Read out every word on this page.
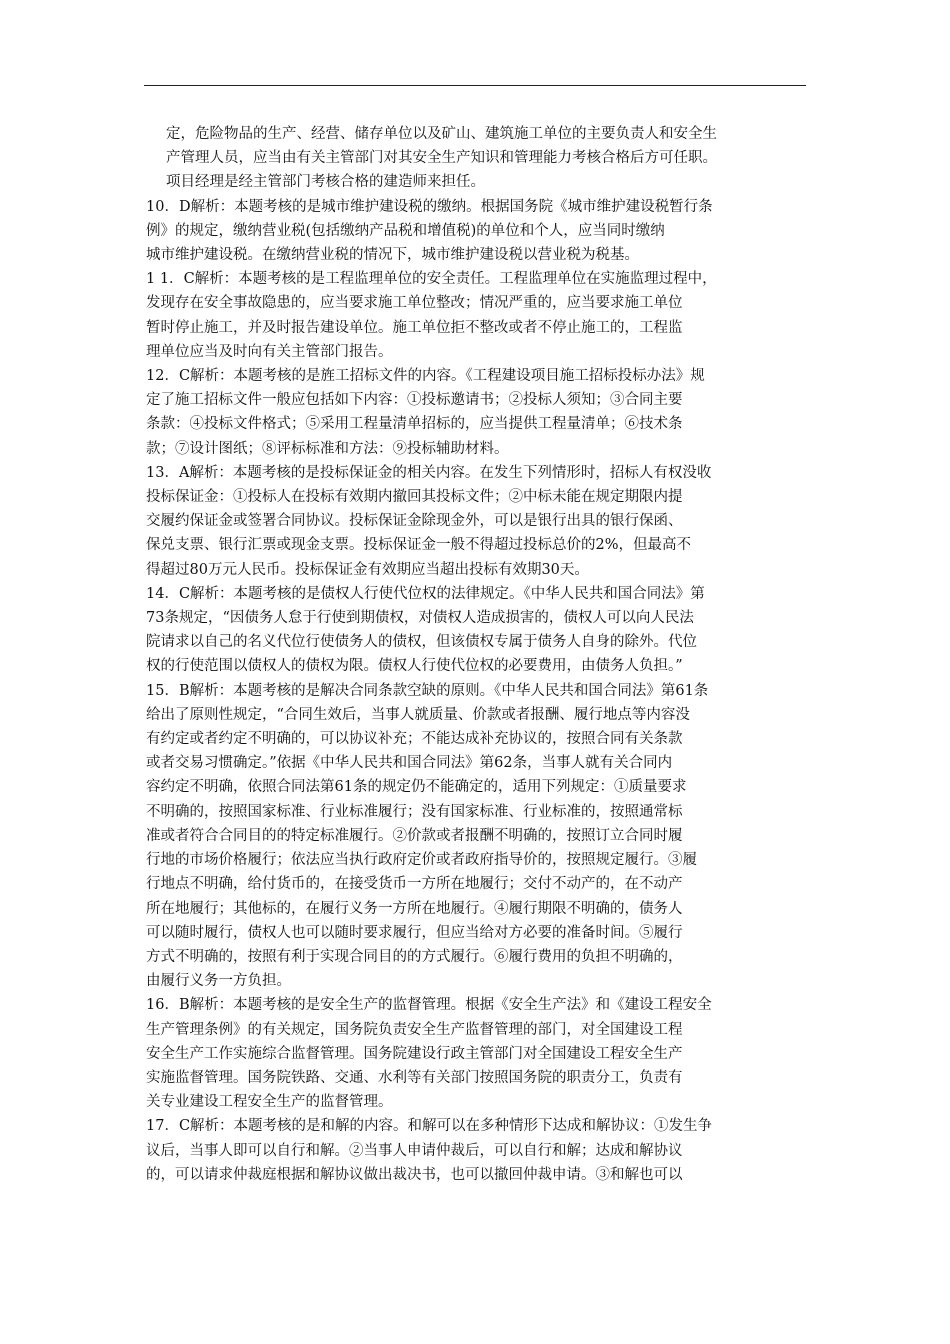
定，危险物品的生产、经营、储存单位以及矿山、建筑施工单位的主要负责人和安全生
产管理人员，应当由有关主管部门对其安全生产知识和管理能力考核合格后方可任职。
项目经理是经主管部门考核合格的建造师来担任。
10．D解析：本题考核的是城市维护建设税的缴纳。根据国务院《城市维护建设税暂行条
例》的规定，缴纳营业税(包括缴纳产品税和增值税)的单位和个人，应当同时缴纳
城市维护建设税。在缴纳营业税的情况下，城市维护建设税以营业税为税基。
1 1．C解析：本题考核的是工程监理单位的安全责任。工程监理单位在实施监理过程中，
发现存在安全事故隐患的，应当要求施工单位整改；情况严重的，应当要求施工单位
暂时停止施工，并及时报告建设单位。施工单位拒不整改或者不停止施工的，工程监
理单位应当及时向有关主管部门报告。
12．C解析：本题考核的是旌工招标文件的内容。《工程建设项目施工招标投标办法》规
定了施工招标文件一般应包括如下内容：①投标邀请书；②投标人须知；③合同主要
条款：④投标文件格式；⑤采用工程量清单招标的，应当提供工程量清单；⑥技术条
款；⑦设计图纸；⑧评标标准和方法：⑨投标辅助材料。
13．A解析：本题考核的是投标保证金的相关内容。在发生下列情形时，招标人有权没收
投标保证金：①投标人在投标有效期内撤回其投标文件；②中标未能在规定期限内提
交履约保证金或签署合同协议。投标保证金除现金外，可以是银行出具的银行保函、
保兑支票、银行汇票或现金支票。投标保证金一般不得超过投标总价的2%，但最高不
得超过80万元人民币。投标保证金有效期应当超出投标有效期30天。
14．C解析：本题考核的是债权人行使代位权的法律规定。《中华人民共和国合同法》第
73条规定，“因债务人怠于行使到期债权，对债权人造成损害的，债权人可以向人民法
院请求以自己的名义代位行使债务人的债权，但该债权专属于债务人自身的除外。代位
权的行使范围以债权人的债权为限。债权人行使代位权的必要费用，由债务人负担。”
15．B解析：本题考核的是解决合同条款空缺的原则。《中华人民共和国合同法》第61条
给出了原则性规定，“合同生效后，当事人就质量、价款或者报酬、履行地点等内容没
有约定或者约定不明确的，可以协议补充；不能达成补充协议的，按照合同有关条款
或者交易习惯确定。”依据《中华人民共和国合同法》第62条，当事人就有关合同内
容约定不明确，依照合同法第61条的规定仍不能确定的，适用下列规定：①质量要求
不明确的，按照国家标准、行业标准履行；没有国家标准、行业标准的，按照通常标
准或者符合合同目的的特定标准履行。②价款或者报酬不明确的，按照订立合同时履
行地的市场价格履行；依法应当执行政府定价或者政府指导价的，按照规定履行。③履
行地点不明确，给付货币的，在接受货币一方所在地履行；交付不动产的，在不动产
所在地履行；其他标的，在履行义务一方所在地履行。④履行期限不明确的，债务人
可以随时履行，债权人也可以随时要求履行，但应当给对方必要的准备时间。⑤履行
方式不明确的，按照有利于实现合同目的的方式履行。⑥履行费用的负担不明确的，
由履行义务一方负担。
16．B解析：本题考核的是安全生产的监督管理。根据《安全生产法》和《建设工程安全
生产管理条例》的有关规定，国务院负责安全生产监督管理的部门，对全国建设工程
安全生产工作实施综合监督管理。国务院建设行政主管部门对全国建设工程安全生产
实施监督管理。国务院铁路、交通、水利等有关部门按照国务院的职责分工，负责有
关专业建设工程安全生产的监督管理。
17．C解析：本题考核的是和解的内容。和解可以在多种情形下达成和解协议：①发生争
议后，当事人即可以自行和解。②当事人申请仲裁后，可以自行和解；达成和解协议
的，可以请求仲裁庭根据和解协议做出裁决书，也可以撤回仲裁申请。③和解也可以
